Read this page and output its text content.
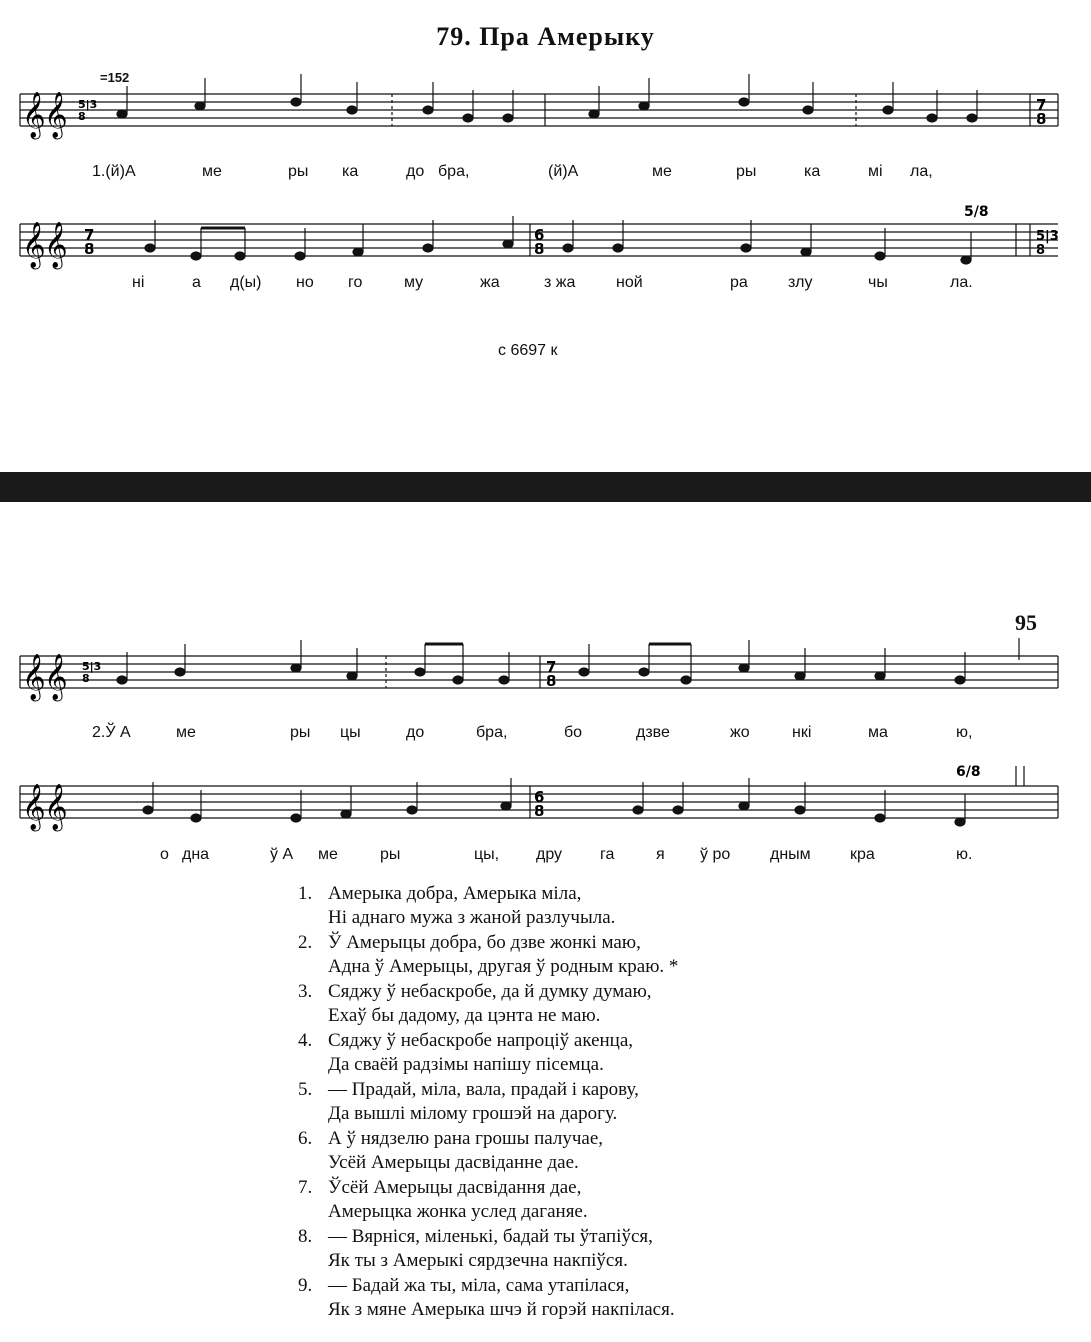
79. Пра Амерыку
=152
𝄞
𝄞 5|3
8
7
8
1.(й)А	ме	ры ка	до бра,	(й)А	ме	ры	ка	мі ла,
𝄞
𝄞 7
8
6
8
5|3
8
5/8
ні	а д(ы) но го	му	жа	з жа	ной	ра	злу	чы	ла.
с 6697 к
95
𝄞
𝄞 5|3
8
7
8
2.Ў А	ме	ры цы	до	бра,	бо	дзве	жо	нкі	ма	ю,
𝄞
𝄞	6
8
6/8
о дна	ў А ме	ры	цы, дру га	я ў ро дным кра	ю.
1. Амерыка добра, Амерыка міла,
Ні аднаго мужа з жаной разлучыла.
2. Ў Амерыцы добра, бо дзве жонкі маю,
Адна ў Амерыцы, другая ў родным краю. *
3. Сяджу ў небаскробе, да й думку думаю,
Ехаў бы дадому, да цэнта не маю.
4. Сяджу ў небаскробе напроціў акенца,
Да сваёй радзімы напішу пісемца.
5. — Прадай, міла, вала, прадай і карову,
Да вышлі міломy грошэй на дарогу.
6. А ў нядзелю рана грошы палучае,
Усёй Амерыцы дасвіданне дае.
7. Ўсёй Амерыцы дасвідання дае,
Амерыцка жонка услед даганяе.
8. — Вярніся, міленькі, бадай ты ўтапіўся,
Як ты з Амерыкі сярдзечна накпіўся.
9. — Бадай жа ты, міла, сама утапілася,
Як з мяне Амерыка шчэ й горэй накпілася.
